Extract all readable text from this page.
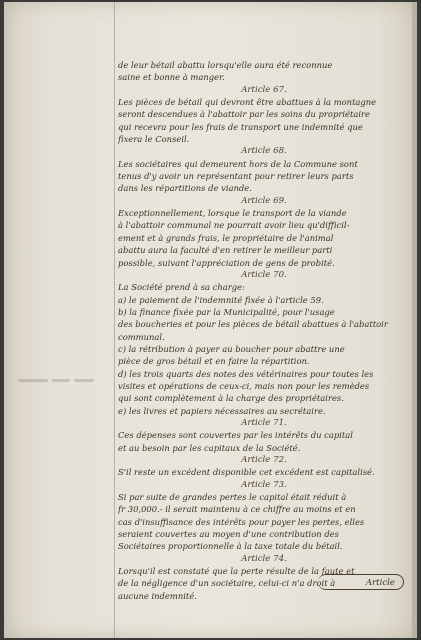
de leur bétail abattu lorsqu'elle aura été reconnue
saine et bonne à manger.
Article 67.
Les pièces de bétail qui devront être abattues à la montagne
seront descendues à l'abattoir par les soins du propriétaire
qui recevra pour les frais de transport une indemnité que
fixera le Conseil.
Article 68.
Les sociétaires qui demeurent hors de la Commune sont
tenus d'y avoir un représentant pour retirer leurs parts
dans les répartitions de viande.
Article 69.
Exceptionnellement, lorsque le transport de la viande
à l'abattoir communal ne pourrait avoir lieu qu'difficil-
ement et à grands frais, le propriétaire de l'animal
abattu aura la faculté d'en retirer le meilleur parti
possible, suivant l'appréciation de gens de probité.
Article 70.
La Société prend à sa charge:
a) le paiement de l'indemnité fixée à l'article 59.
b) la finance fixée par la Municipalité, pour l'usage
des boucheries et pour les pièces de bétail abattues à l'abattoir
communal.
c) la rétribution à payer au boucher pour abattre une
pièce de gros bétail et en faire la répartition.
d) les trois quarts des notes des vétérinaires pour toutes les
visites et opérations de ceux-ci, mais non pour les remèdes
qui sont complètement à la charge des propriétaires.
e) les livres et papiers nécessaires au secrétaire.
Article 71.
Ces dépenses sont couvertes par les intérêts du capital
et au besoin par les capitaux de la Société.
Article 72.
S'il reste un excédent disponible cet excédent est capitalisé.
Article 73.
Si par suite de grandes pertes le capital était réduit à
fr 30,000.- il serait maintenu à ce chiffre au moins et en
cas d'insuffisance des intérêts pour payer les pertes, elles
seraient couvertes au moyen d'une contribution des
Sociétaires proportionnelle à la taxe totale du bétail.
Article 74.
Lorsqu'il est constaté que la perte résulte de la faute et
de la négligence d'un sociétaire, celui-ci n'a droit à
aucune indemnité.
Article
